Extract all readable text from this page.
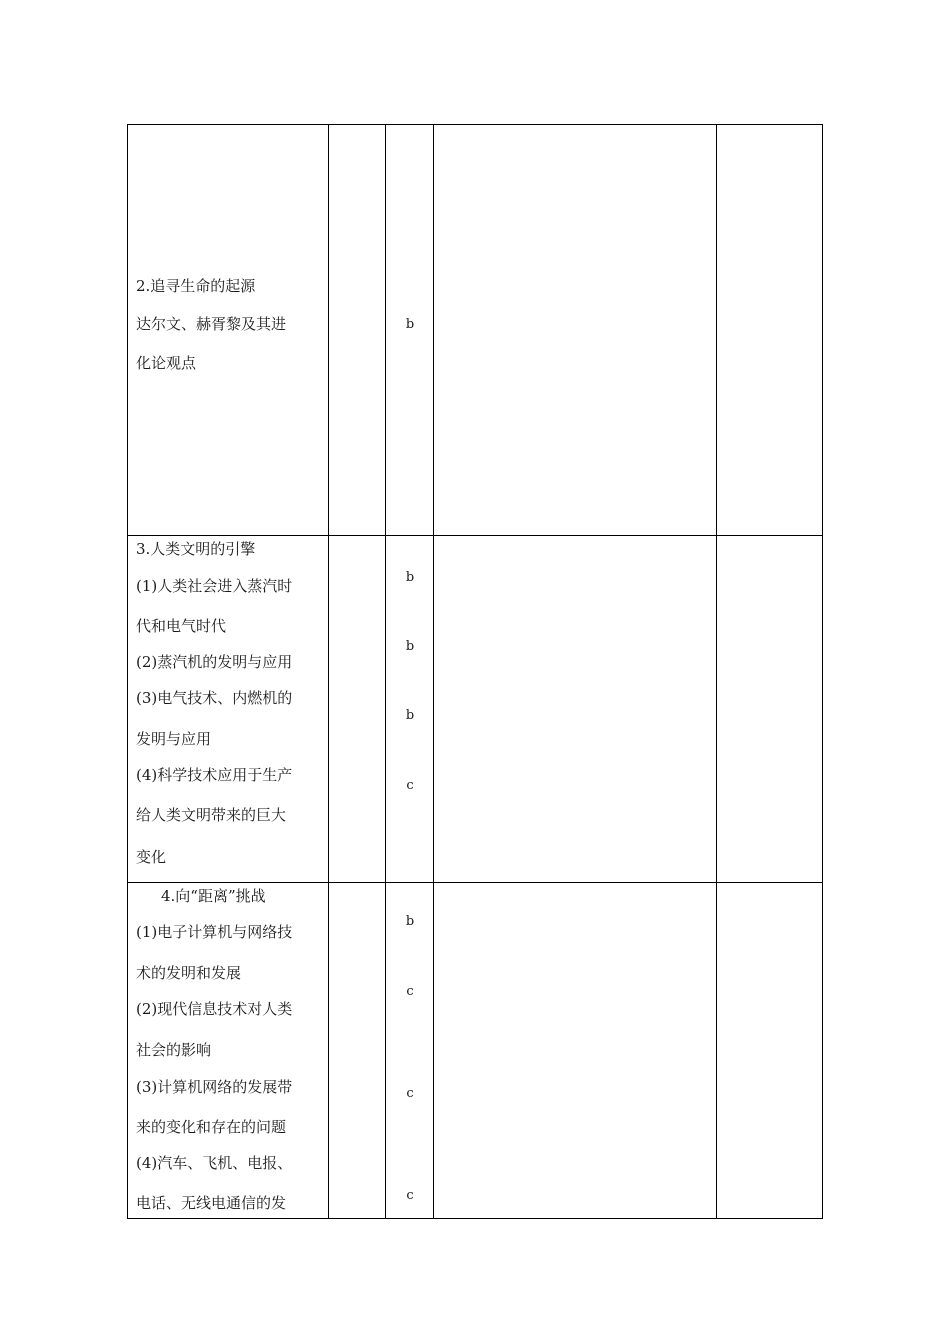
2.追寻生命的起源
达尔文、赫胥黎及其进
化论观点
b
3.人类文明的引擎
(1)人类社会进入蒸汽时
代和电气时代
(2)蒸汽机的发明与应用
(3)电气技术、内燃机的
发明与应用
(4)科学技术应用于生产
给人类文明带来的巨大
变化
b
b
b
c
4.向“距离”挑战
(1)电子计算机与网络技
术的发明和发展
(2)现代信息技术对人类
社会的影响
(3)计算机网络的发展带
来的变化和存在的问题
(4)汽车、飞机、电报、
电话、无线电通信的发
b
c
c
c
